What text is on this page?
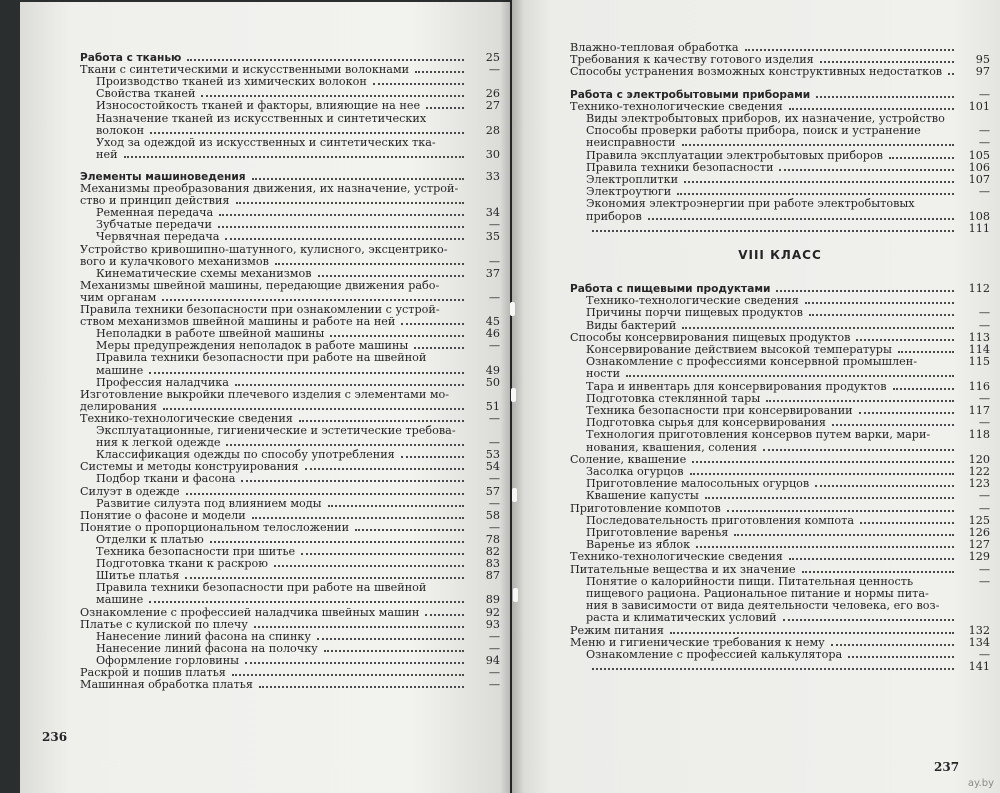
Работа с тканью	25
Ткани с синтетическими и искусственными волокнами	—
Производство тканей из химических волокон
Свойства тканей	26
Износостойкость тканей и факторы, влияющие на нее	27
Назначение тканей из искусственных и синтетических
волокон	28
Уход за одеждой из искусственных и синтетических тка-
ней	30
Элементы машиноведения	33
Механизмы преобразования движения, их назначение, устрой-
ство и принцип действия
Ременная передача	34
Зубчатые передачи	—
Червячная передача	35
Устройство кривошипно-шатунного, кулисного, эксцентрико-
вого и кулачкового механизмов	—
Кинематические схемы механизмов	37
Механизмы швейной машины, передающие движения рабо-
чим органам	—
Правила техники безопасности при ознакомлении с устрой-
ством механизмов швейной машины и работе на ней	45
Неполадки в работе швейной машины	46
Меры предупреждения неполадок в работе машины	—
Правила техники безопасности при работе на швейной
машине	49
Профессия наладчика	50
Изготовление выкройки плечевого изделия с элементами мо-
делирования	51
Технико-технологические сведения	—
Эксплуатационные, гигиенические и эстетические требова-
ния к легкой одежде	—
Классификация одежды по способу употребления	53
Системы и методы конструирования	54
Подбор ткани и фасона	—
Силуэт в одежде	57
Развитие силуэта под влиянием моды	—
Понятие о фасоне и модели	58
Понятие о пропорциональном телосложении	—
Отделки к платью	78
Техника безопасности при шитье	82
Подготовка ткани к раскрою	83
Шитье платья	87
Правила техники безопасности при работе на швейной
машине	89
Ознакомление с профессией наладчика швейных машин	92
Платье с кулиской по плечу	93
Нанесение линий фасона на спинку	—
Нанесение линий фасона на полочку	—
Оформление горловины	94
Раскрой и пошив платья	—
Машинная обработка платья	—
236
Влажно-тепловая обработка
Требования к качеству готового изделия	95
Способы устранения возможных конструктивных недостатков	97
Работа с электробытовыми приборами	—
Технико-технологические сведения	101
Виды электробытовых приборов, их назначение, устройство
Способы проверки работы прибора, поиск и устранение	—
неисправности	—
Правила эксплуатации электробытовых приборов	105
Правила техники безопасности	106
Электроплитки	107
Электроутюги	—
Экономия электроэнергии при работе электробытовых
приборов	108
111
VIII КЛАСС
Работа с пищевыми продуктами	112
Технико-технологические сведения
Причины порчи пищевых продуктов	—
Виды бактерий	—
Способы консервирования пищевых продуктов	113
Консервирование действием высокой температуры	114
Ознакомление с профессиями консервной промышлен-	115
ности
Тара и инвентарь для консервирования продуктов	116
Подготовка стеклянной тары	—
Техника безопасности при консервировании	117
Подготовка сырья для консервирования	—
Технология приготовления консервов путем варки, мари-	118
нования, квашения, соления
Соление, квашение	120
Засолка огурцов	122
Приготовление малосольных огурцов	123
Квашение капусты	—
Приготовление компотов	—
Последовательность приготовления компота	125
Приготовление варенья	126
Варенье из яблок	127
Технико-технологические сведения	129
Питательные вещества и их значение	—
Понятие о калорийности пищи. Питательная ценность	—
пищевого рациона. Рациональное питание и нормы пита-
ния в зависимости от вида деятельности человека, его воз-
раста и климатических условий
Режим питания	132
Меню и гигиенические требования к нему	134
Ознакомление с профессией калькулятора	—
141
237
ay.by
